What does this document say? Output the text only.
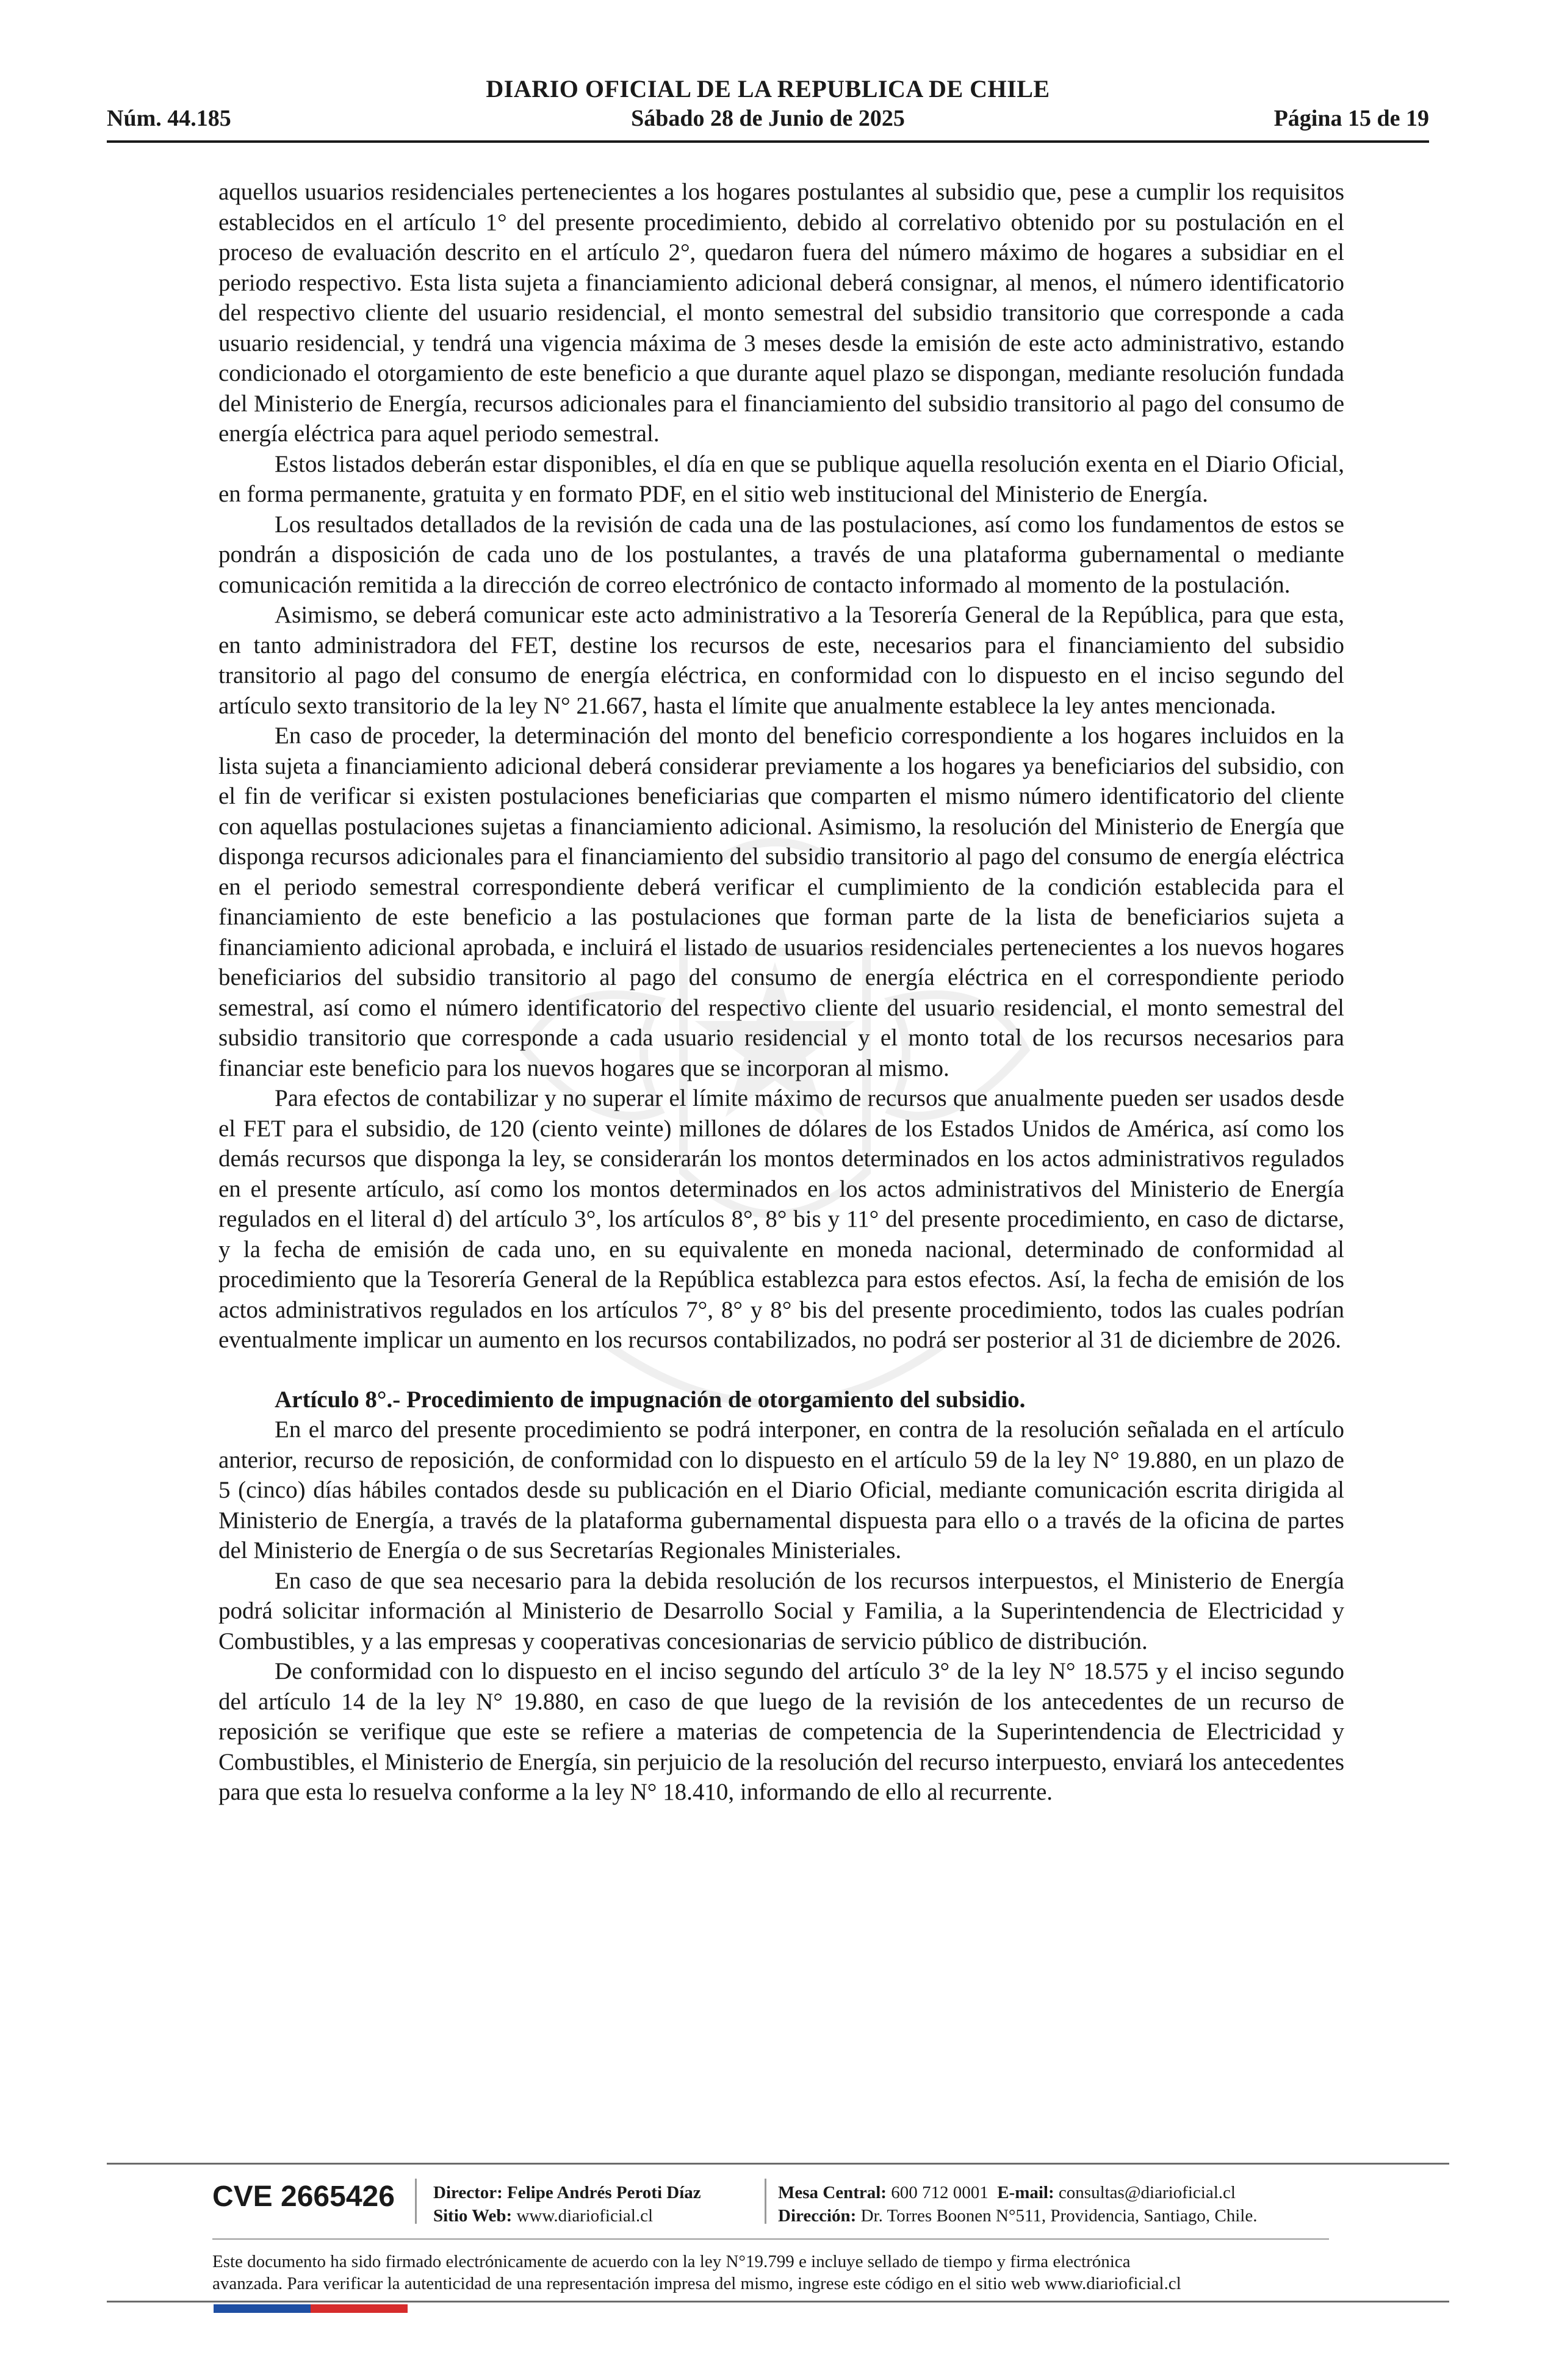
DIARIO OFICIAL DE LA REPUBLICA DE CHILE
Núm. 44.185	Sábado 28 de Junio de 2025	Página 15 de 19

aquellos usuarios residenciales pertenecientes a los hogares postulantes al subsidio que, pese a cumplir los requisitos establecidos en el artículo 1° del presente procedimiento, debido al correlativo obtenido por su postulación en el proceso de evaluación descrito en el artículo 2°, quedaron fuera del número máximo de hogares a subsidiar en el periodo respectivo. Esta lista sujeta a financiamiento adicional deberá consignar, al menos, el número identificatorio del respectivo cliente del usuario residencial, el monto semestral del subsidio transitorio que corresponde a cada usuario residencial, y tendrá una vigencia máxima de 3 meses desde la emisión de este acto administrativo, estando condicionado el otorgamiento de este beneficio a que durante aquel plazo se dispongan, mediante resolución fundada del Ministerio de Energía, recursos adicionales para el financiamiento del subsidio transitorio al pago del consumo de energía eléctrica para aquel periodo semestral.

Estos listados deberán estar disponibles, el día en que se publique aquella resolución exenta en el Diario Oficial, en forma permanente, gratuita y en formato PDF, en el sitio web institucional del Ministerio de Energía.

Los resultados detallados de la revisión de cada una de las postulaciones, así como los fundamentos de estos se pondrán a disposición de cada uno de los postulantes, a través de una plataforma gubernamental o mediante comunicación remitida a la dirección de correo electrónico de contacto informado al momento de la postulación.

Asimismo, se deberá comunicar este acto administrativo a la Tesorería General de la República, para que esta, en tanto administradora del FET, destine los recursos de este, necesarios para el financiamiento del subsidio transitorio al pago del consumo de energía eléctrica, en conformidad con lo dispuesto en el inciso segundo del artículo sexto transitorio de la ley N° 21.667, hasta el límite que anualmente establece la ley antes mencionada.

En caso de proceder, la determinación del monto del beneficio correspondiente a los hogares incluidos en la lista sujeta a financiamiento adicional deberá considerar previamente a los hogares ya beneficiarios del subsidio, con el fin de verificar si existen postulaciones beneficiarias que comparten el mismo número identificatorio del cliente con aquellas postulaciones sujetas a financiamiento adicional. Asimismo, la resolución del Ministerio de Energía que disponga recursos adicionales para el financiamiento del subsidio transitorio al pago del consumo de energía eléctrica en el periodo semestral correspondiente deberá verificar el cumplimiento de la condición establecida para el financiamiento de este beneficio a las postulaciones que forman parte de la lista de beneficiarios sujeta a financiamiento adicional aprobada, e incluirá el listado de usuarios residenciales pertenecientes a los nuevos hogares beneficiarios del subsidio transitorio al pago del consumo de energía eléctrica en el correspondiente periodo semestral, así como el número identificatorio del respectivo cliente del usuario residencial, el monto semestral del subsidio transitorio que corresponde a cada usuario residencial y el monto total de los recursos necesarios para financiar este beneficio para los nuevos hogares que se incorporan al mismo.

Para efectos de contabilizar y no superar el límite máximo de recursos que anualmente pueden ser usados desde el FET para el subsidio, de 120 (ciento veinte) millones de dólares de los Estados Unidos de América, así como los demás recursos que disponga la ley, se considerarán los montos determinados en los actos administrativos regulados en el presente artículo, así como los montos determinados en los actos administrativos del Ministerio de Energía regulados en el literal d) del artículo 3°, los artículos 8°, 8° bis y 11° del presente procedimiento, en caso de dictarse, y la fecha de emisión de cada uno, en su equivalente en moneda nacional, determinado de conformidad al procedimiento que la Tesorería General de la República establezca para estos efectos. Así, la fecha de emisión de los actos administrativos regulados en los artículos 7°, 8° y 8° bis del presente procedimiento, todos las cuales podrían eventualmente implicar un aumento en los recursos contabilizados, no podrá ser posterior al 31 de diciembre de 2026.

Artículo 8°.- Procedimiento de impugnación de otorgamiento del subsidio.

En el marco del presente procedimiento se podrá interponer, en contra de la resolución señalada en el artículo anterior, recurso de reposición, de conformidad con lo dispuesto en el artículo 59 de la ley N° 19.880, en un plazo de 5 (cinco) días hábiles contados desde su publicación en el Diario Oficial, mediante comunicación escrita dirigida al Ministerio de Energía, a través de la plataforma gubernamental dispuesta para ello o a través de la oficina de partes del Ministerio de Energía o de sus Secretarías Regionales Ministeriales.

En caso de que sea necesario para la debida resolución de los recursos interpuestos, el Ministerio de Energía podrá solicitar información al Ministerio de Desarrollo Social y Familia, a la Superintendencia de Electricidad y Combustibles, y a las empresas y cooperativas concesionarias de servicio público de distribución.

De conformidad con lo dispuesto en el inciso segundo del artículo 3° de la ley N° 18.575 y el inciso segundo del artículo 14 de la ley N° 19.880, en caso de que luego de la revisión de los antecedentes de un recurso de reposición se verifique que este se refiere a materias de competencia de la Superintendencia de Electricidad y Combustibles, el Ministerio de Energía, sin perjuicio de la resolución del recurso interpuesto, enviará los antecedentes para que esta lo resuelva conforme a la ley N° 18.410, informando de ello al recurrente.

CVE 2665426 Director: Felipe Andrés Peroti Díaz
Sitio Web: www.diarioficial.cl
Mesa Central: 600 712 0001 E-mail: consultas@diarioficial.cl
Dirección: Dr. Torres Boonen N°511, Providencia, Santiago, Chile.
Este documento ha sido firmado electrónicamente de acuerdo con la ley N°19.799 e incluye sellado de tiempo y firma electrónica
avanzada. Para verificar la autenticidad de una representación impresa del mismo, ingrese este código en el sitio web www.diarioficial.cl
